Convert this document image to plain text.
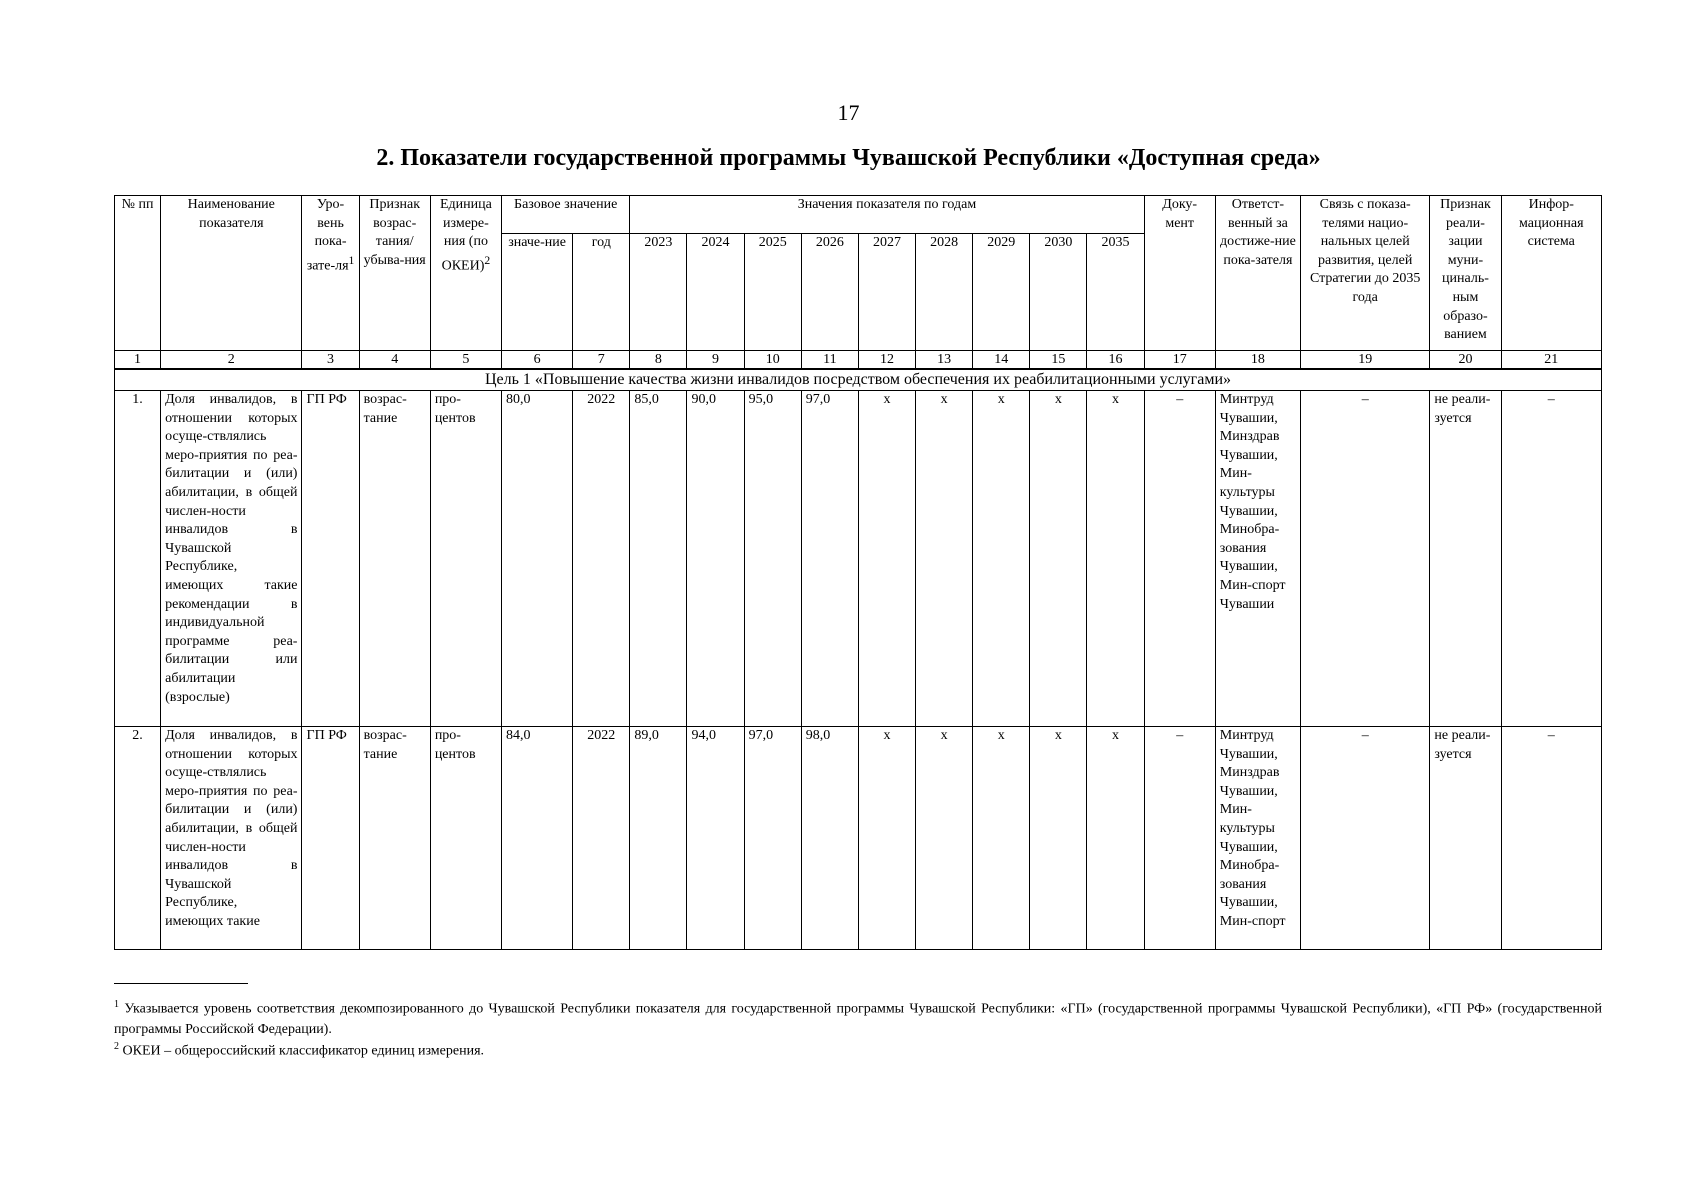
17
2. Показатели государственной программы Чувашской Республики «Доступная среда»
№ пп	Наименование показателя	Уро-вень пока-$зате-ля^1$	Признак возрас-тания/ убыва-ния	Единица измере-ния (по ОКЕИ)$^2$	Базовое значение		Значения показателя по годам									Доку-мент	Ответст-венный за достиже-ние пока-зателя	Связь с показа-телями нацио-нальных целей развития, целей Стратегии до 2035 года	Признак реали-зации муни-циналь-ным образо-ванием	Инфор-мационная система
					значе-ние	год	2023	2024	2025	2026	2027	2028	2029	2030	2035					
1	2	3	4	5	6	7	8	9	10	11	12	13	14	15	16	17	18	19	20	21
Цель 1 «Повышение качества жизни инвалидов посредством обеспечения их реабилитационными услугами»																				
1.	Доля инвалидов, в отношении которых осуще-ствлялись меро-приятия по реа-билитации и (или) абилитации, в общей числен-ности инвалидов в Чувашской Республике, имеющих такие рекомендации в индивидуальной программе реа-билитации или абилитации (взрослые)	ГП РФ	возрас-тание	про-центов	80,0	2022	85,0	90,0	95,0	97,0	х	х	х	х	х	–	Минтруд Чувашии, Минздрав Чувашии, Мин-культуры Чувашии, Минобра-зования Чувашии, Мин-спорт Чувашии	–	не реали-зуется	–
2.	Доля инвалидов, в отношении которых осуще-ствлялись меро-приятия по реа-билитации и (или) абилитации, в общей числен-ности инвалидов в Чувашской Республике, имеющих такие	ГП РФ	возрас-тание	про-центов	84,0	2022	89,0	94,0	97,0	98,0	х	х	х	х	х	–	Минтруд Чувашии, Минздрав Чувашии, Мин-культуры Чувашии, Минобра-зования Чувашии, Мин-спорт	–	не реали-зуется	–
$^1$ Указывается уровень соответствия декомпозированного до Чувашской Республики показателя для государственной программы Чувашской Республики: «ГП» (государственной программы Чувашской Республики), «ГП РФ» (государственной программы Российской Федерации).
$^2$ ОКЕИ – общероссийский классификатор единиц измерения.
